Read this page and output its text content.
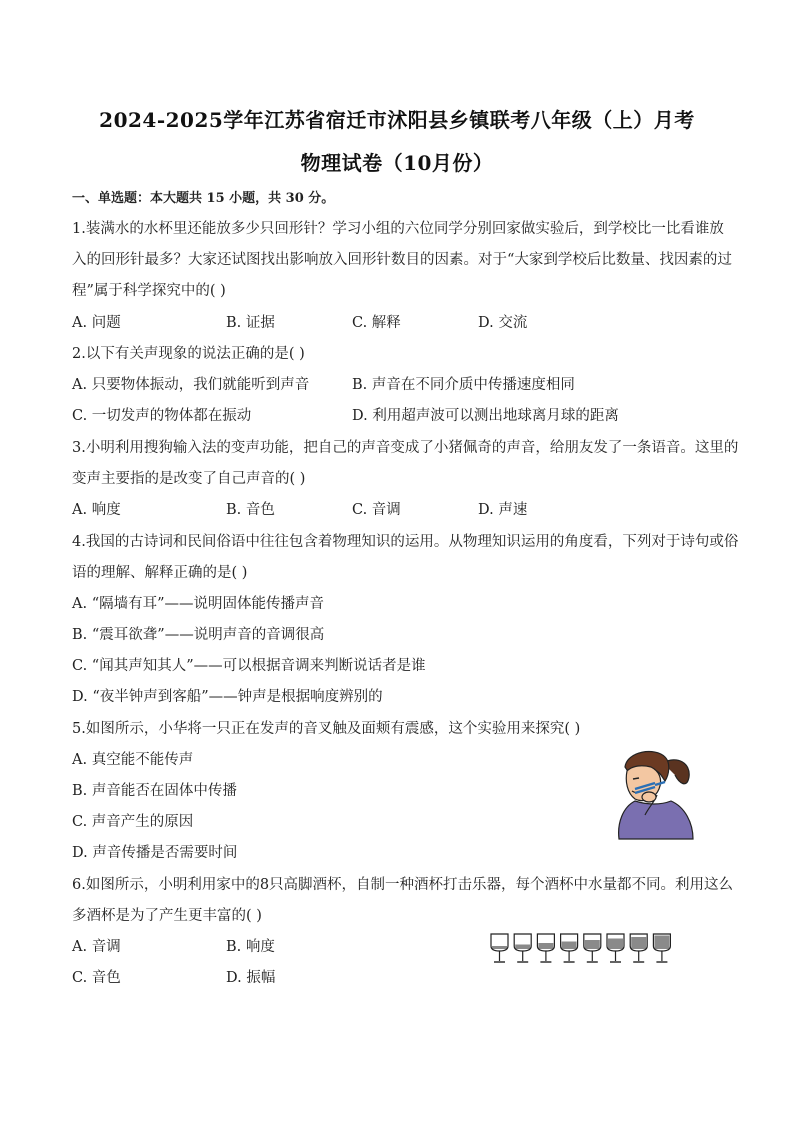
2024-2025学年江苏省宿迁市沭阳县乡镇联考八年级（上）月考
物理试卷（10月份）
一、单选题：本大题共 15 小题，共 30 分。
1.装满水的水杯里还能放多少只回形针？学习小组的六位同学分别回家做实验后，到学校比一比看谁放
入的回形针最多？大家还试图找出影响放入回形针数目的因素。对于“大家到学校后比数量、找因素的过
程”属于科学探究中的( )
A. 问题	B. 证据	C. 解释	D. 交流
2.以下有关声现象的说法正确的是( )
A. 只要物体振动，我们就能听到声音	B. 声音在不同介质中传播速度相同
C. 一切发声的物体都在振动	D. 利用超声波可以测出地球离月球的距离
3.小明利用搜狗输入法的变声功能，把自己的声音变成了小猪佩奇的声音，给朋友发了一条语音。这里的
变声主要指的是改变了自己声音的( )
A. 响度	B. 音色	C. 音调	D. 声速
4.我国的古诗词和民间俗语中往往包含着物理知识的运用。从物理知识运用的角度看，下列对于诗句或俗
语的理解、解释正确的是( )
A. “隔墙有耳”——说明固体能传播声音
B. “震耳欲聋”——说明声音的音调很高
C. “闻其声知其人”——可以根据音调来判断说话者是谁
D. “夜半钟声到客船”——钟声是根据响度辨别的
5.如图所示，小华将一只正在发声的音叉触及面颊有震感，这个实验用来探究( )
A. 真空能不能传声
B. 声音能否在固体中传播
C. 声音产生的原因
D. 声音传播是否需要时间
6.如图所示，小明利用家中的8只高脚酒杯，自制一种酒杯打击乐器，每个酒杯中水量都不同。利用这么
多酒杯是为了产生更丰富的( )
A. 音调	B. 响度
C. 音色	D. 振幅
